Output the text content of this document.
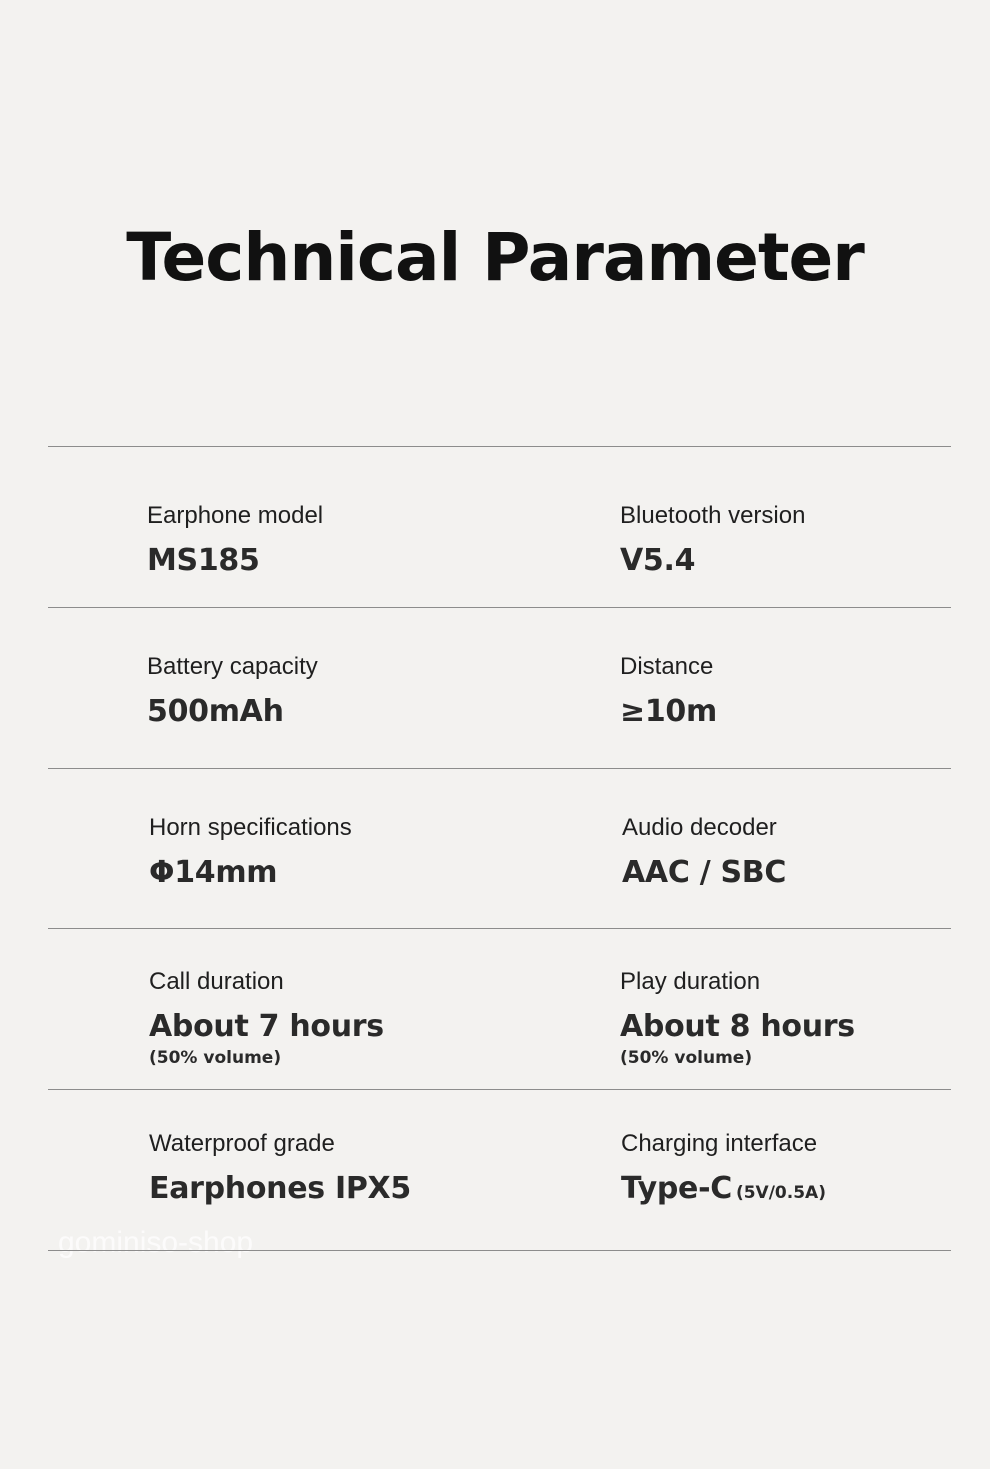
Technical Parameter
Earphone model
MS185
Bluetooth version
V5.4
Battery capacity
500mAh
Distance
≥10m
Horn specifications
Φ14mm
Audio decoder
AAC / SBC
Call duration
About 7 hours
(50% volume)
Play duration
About 8 hours
(50% volume)
Waterproof grade
Earphones IPX5
Charging interface
Type-C (5V/0.5A)
gominiso-shop
